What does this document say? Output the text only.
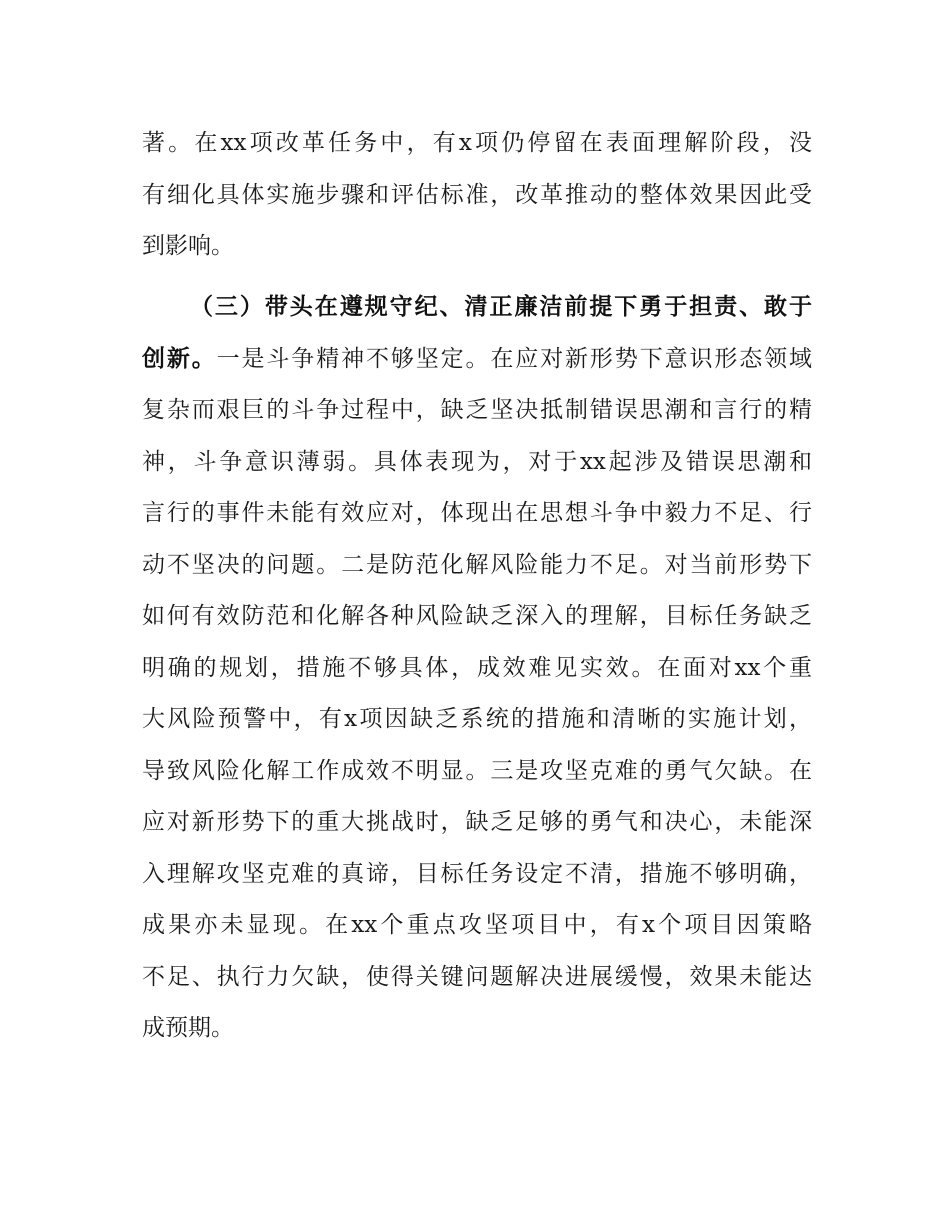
著。在xx项改革任务中，有x项仍停留在表面理解阶段，没
有细化具体实施步骤和评估标准，改革推动的整体效果因此受
到影响。
（三）带头在遵规守纪、清正廉洁前提下勇于担责、敢于
创新。一是斗争精神不够坚定。在应对新形势下意识形态领域
复杂而艰巨的斗争过程中，缺乏坚决抵制错误思潮和言行的精
神，斗争意识薄弱。具体表现为，对于xx起涉及错误思潮和
言行的事件未能有效应对，体现出在思想斗争中毅力不足、行
动不坚决的问题。二是防范化解风险能力不足。对当前形势下
如何有效防范和化解各种风险缺乏深入的理解，目标任务缺乏
明确的规划，措施不够具体，成效难见实效。在面对xx个重
大风险预警中，有x项因缺乏系统的措施和清晰的实施计划，
导致风险化解工作成效不明显。三是攻坚克难的勇气欠缺。在
应对新形势下的重大挑战时，缺乏足够的勇气和决心，未能深
入理解攻坚克难的真谛，目标任务设定不清，措施不够明确，
成果亦未显现。在xx个重点攻坚项目中，有x个项目因策略
不足、执行力欠缺，使得关键问题解决进展缓慢，效果未能达
成预期。
